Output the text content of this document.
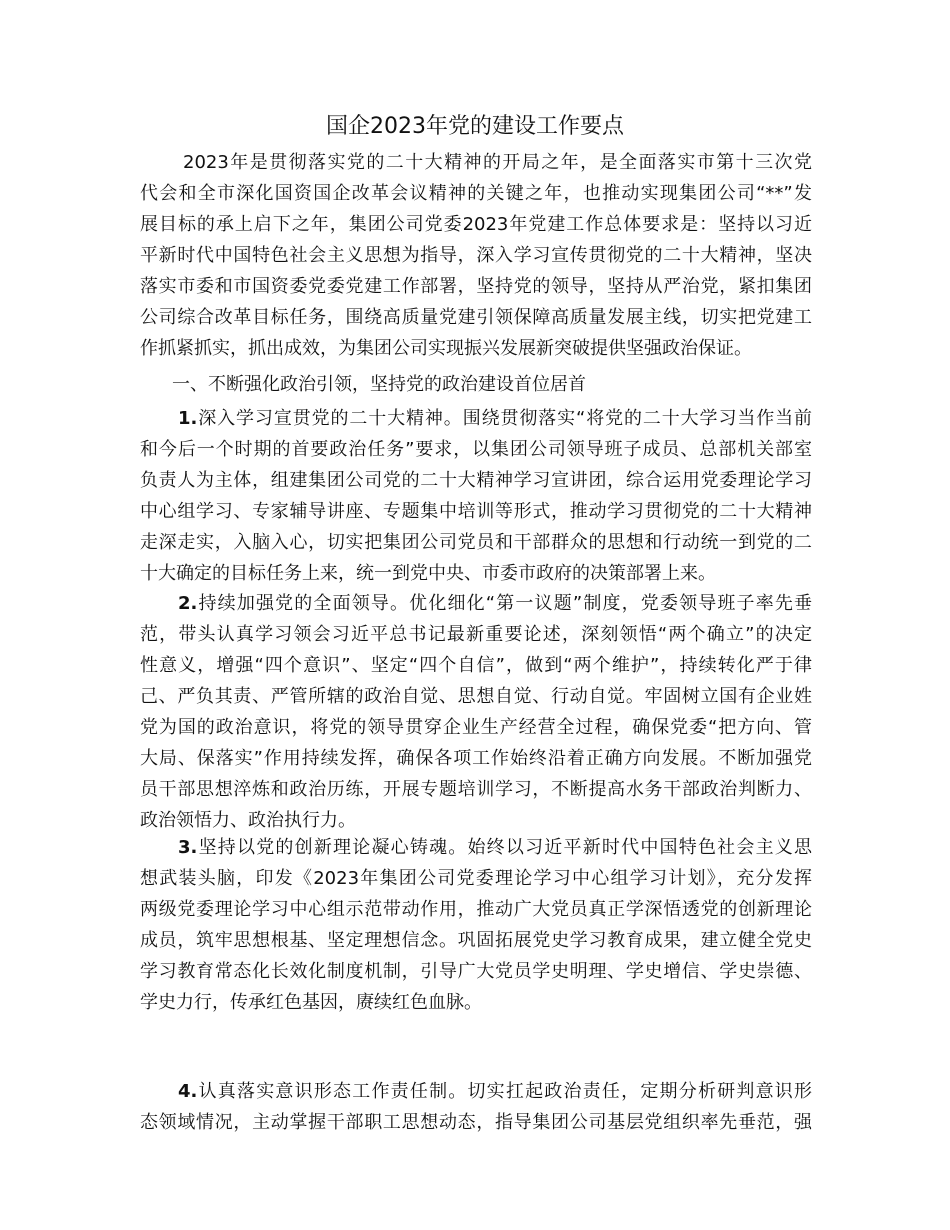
国企2023年党的建设工作要点
2023年是贯彻落实党的二十大精神的开局之年，是全面落实市第十三次党
代会和全市深化国资国企改革会议精神的关键之年，也推动实现集团公司“**”发
展目标的承上启下之年，集团公司党委2023年党建工作总体要求是：坚持以习近
平新时代中国特色社会主义思想为指导，深入学习宣传贯彻党的二十大精神，坚决
落实市委和市国资委党委党建工作部署，坚持党的领导，坚持从严治党，紧扣集团
公司综合改革目标任务，围绕高质量党建引领保障高质量发展主线，切实把党建工
作抓紧抓实，抓出成效，为集团公司实现振兴发展新突破提供坚强政治保证。
一、不断强化政治引领，坚持党的政治建设首位居首
1.深入学习宣贯党的二十大精神。围绕贯彻落实“将党的二十大学习当作当前
和今后一个时期的首要政治任务”要求，以集团公司领导班子成员、总部机关部室
负责人为主体，组建集团公司党的二十大精神学习宣讲团，综合运用党委理论学习
中心组学习、专家辅导讲座、专题集中培训等形式，推动学习贯彻党的二十大精神
走深走实，入脑入心，切实把集团公司党员和干部群众的思想和行动统一到党的二
十大确定的目标任务上来，统一到党中央、市委市政府的决策部署上来。
2.持续加强党的全面领导。优化细化“第一议题”制度，党委领导班子率先垂
范，带头认真学习领会习近平总书记最新重要论述，深刻领悟“两个确立”的决定
性意义，增强“四个意识”、坚定“四个自信”，做到“两个维护”，持续转化严于律
己、严负其责、严管所辖的政治自觉、思想自觉、行动自觉。牢固树立国有企业姓
党为国的政治意识，将党的领导贯穿企业生产经营全过程，确保党委“把方向、管
大局、保落实”作用持续发挥，确保各项工作始终沿着正确方向发展。不断加强党
员干部思想淬炼和政治历练，开展专题培训学习，不断提高水务干部政治判断力、
政治领悟力、政治执行力。
3.坚持以党的创新理论凝心铸魂。始终以习近平新时代中国特色社会主义思
想武装头脑，印发《2023年集团公司党委理论学习中心组学习计划》，充分发挥
两级党委理论学习中心组示范带动作用，推动广大党员真正学深悟透党的创新理论
成员，筑牢思想根基、坚定理想信念。巩固拓展党史学习教育成果，建立健全党史
学习教育常态化长效化制度机制，引导广大党员学史明理、学史增信、学史崇德、
学史力行，传承红色基因，赓续红色血脉。
4.认真落实意识形态工作责任制。切实扛起政治责任，定期分析研判意识形
态领域情况，主动掌握干部职工思想动态，指导集团公司基层党组织率先垂范，强
